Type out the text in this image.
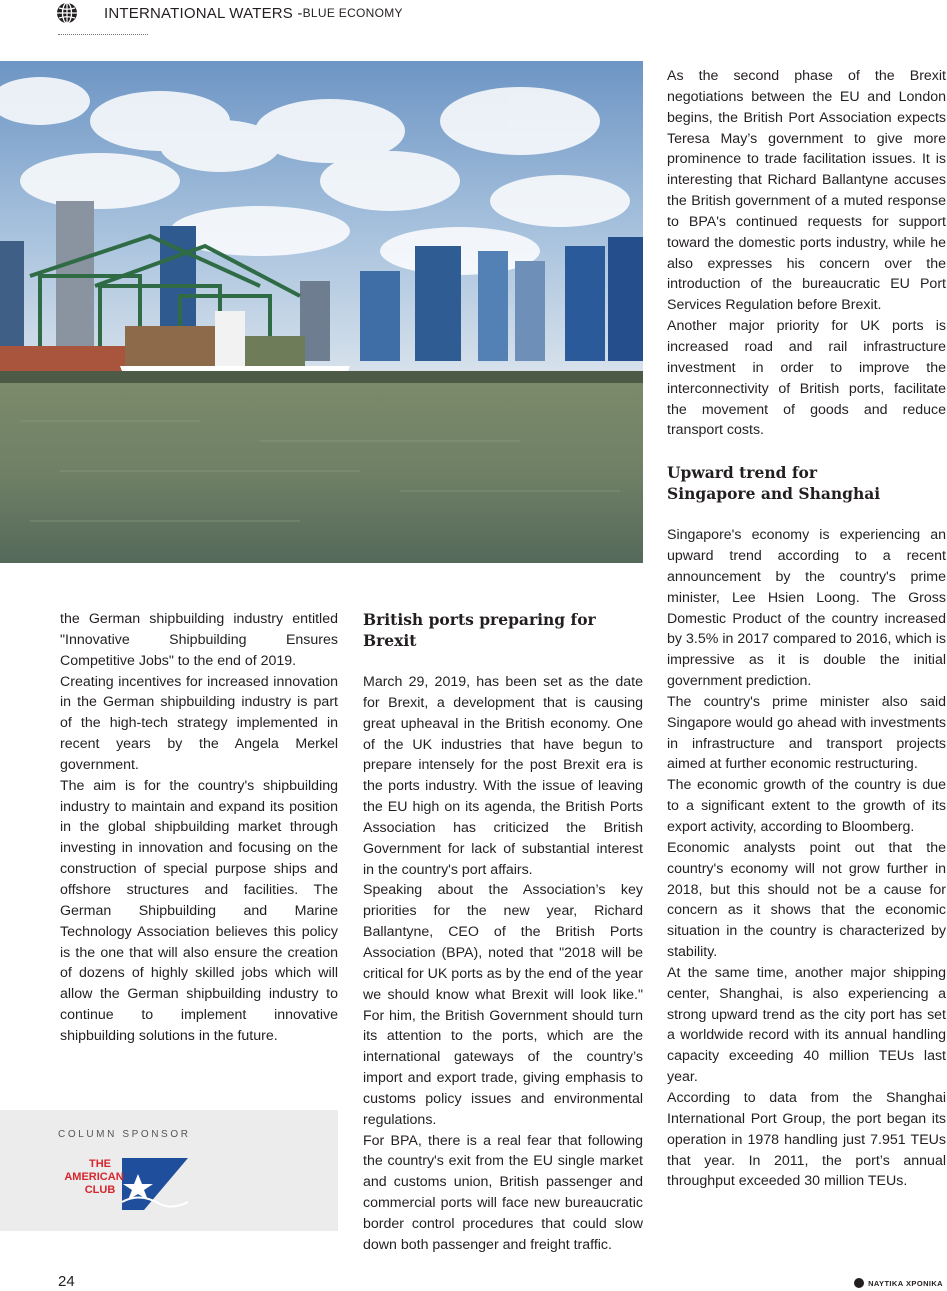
INTERNATIONAL WATERS - BLUE ECONOMY

the German shipbuilding industry entitled "Innovative Shipbuilding Ensures Competitive Jobs" to the end of 2019.

Creating incentives for increased innovation in the German shipbuilding industry is part of the high-tech strategy implemented in recent years by the Angela Merkel government.

The aim is for the country's shipbuilding industry to maintain and expand its position in the global shipbuilding market through investing in innovation and focusing on the construction of special purpose ships and offshore structures and facilities. The German Shipbuilding and Marine Technology Association believes this policy is the one that will also ensure the creation of dozens of highly skilled jobs which will allow the German shipbuilding industry to continue to implement innovative shipbuilding solutions in the future.

British ports preparing for Brexit

March 29, 2019, has been set as the date for Brexit, a development that is causing great upheaval in the British economy. One of the UK industries that have begun to prepare intensely for the post Brexit era is the ports industry. With the issue of leaving the EU high on its agenda, the British Ports Association has criticized the British Government for lack of substantial interest in the country's port affairs.

Speaking about the Association’s key priorities for the new year, Richard Ballantyne, CEO of the British Ports Association (BPA), noted that "2018 will be critical for UK ports as by the end of the year we should know what Brexit will look like." For him, the British Government should turn its attention to the ports, which are the international gateways of the country’s import and export trade, giving emphasis to customs policy issues and environmental regulations.

For BPA, there is a real fear that following the country's exit from the EU single market and customs union, British passenger and commercial ports will face new bureaucratic border control procedures that could slow down both passenger and freight traffic.

As the second phase of the Brexit negotiations between the EU and London begins, the British Port Association expects Teresa May’s government to give more prominence to trade facilitation issues. It is interesting that Richard Ballantyne accuses the British government of a muted response to BPA's continued requests for support toward the domestic ports industry, while he also expresses his concern over the introduction of the bureaucratic EU Port Services Regulation before Brexit.

Another major priority for UK ports is increased road and rail infrastructure investment in order to improve the interconnectivity of British ports, facilitate the movement of goods and reduce transport costs.

Upward trend for Singapore and Shanghai

Singapore's economy is experiencing an upward trend according to a recent announcement by the country's prime minister, Lee Hsien Loong. The Gross Domestic Product of the country increased by 3.5% in 2017 compared to 2016, which is impressive as it is double the initial government prediction.

The country's prime minister also said Singapore would go ahead with investments in infrastructure and transport projects aimed at further economic restructuring.

The economic growth of the country is due to a significant extent to the growth of its export activity, according to Bloomberg.

Economic analysts point out that the country's economy will not grow further in 2018, but this should not be a cause for concern as it shows that the economic situation in the country is characterized by stability.

At the same time, another major shipping center, Shanghai, is also experiencing a strong upward trend as the city port has set a worldwide record with its annual handling capacity exceeding 40 million TEUs last year.

According to data from the Shanghai International Port Group, the port began its operation in 1978 handling just 7.951 TEUs that year. In 2011, the port’s annual throughput exceeded 30 million TEUs.

COLUMN SPONSOR
THE
AMERICAN
CLUB
24	ΝΑΥΤΙΚΑ ΧΡΟΝΙΚΑ
